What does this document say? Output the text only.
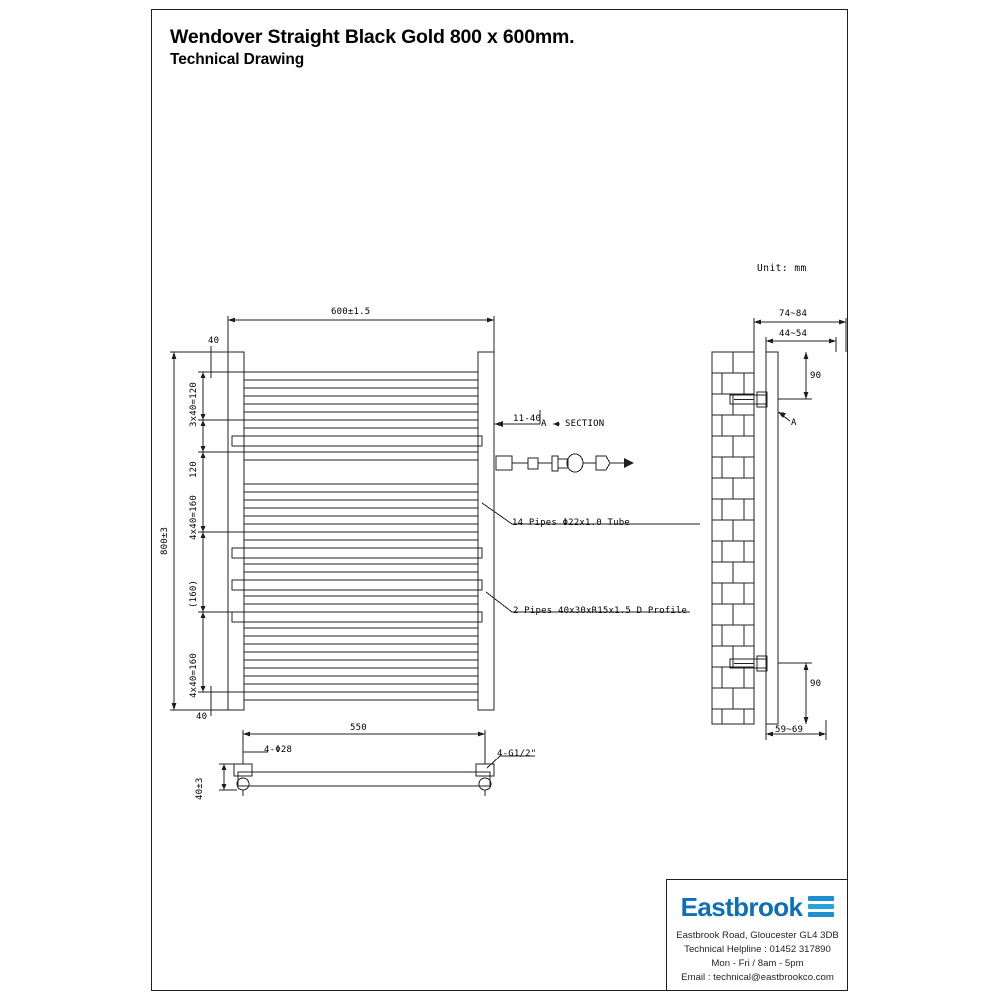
Wendover Straight Black Gold 800 x 600mm.
Technical Drawing
Unit: mm
600±1.5
40
40
800±3
3x40=120
120
4x40=160
(160)
4x40=160
11-40 A SECTION
14 Pipes Φ22x1.0 Tube
2 Pipes 40x30xR15x1.5 D Profile
74~84
44~54
90
90
59~69
A
550
4-Φ28	4-G1/2"
40±3
Eastbrook
Eastbrook Road, Gloucester GL4 3DB
Technical Helpline : 01452 317890
Mon - Fri / 8am - 5pm
Email : technical@eastbrookco.com
